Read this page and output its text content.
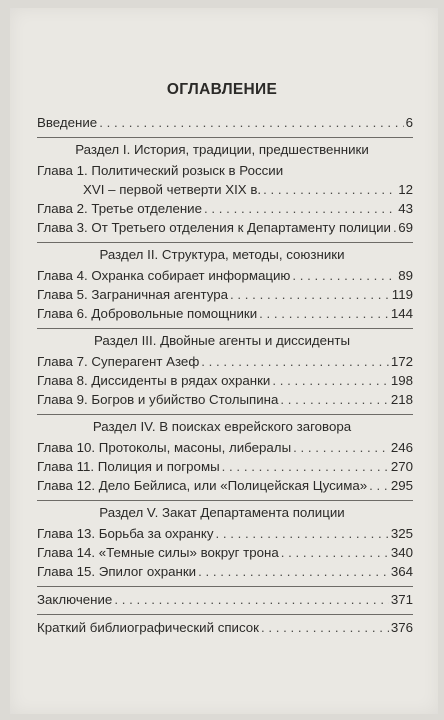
ОГЛАВЛЕНИЕ
Введение . . .	6
Раздел I. История, традиции, предшественники
Глава 1. Политический розыск в России
XVI – первой четверти XIX в. . . .	12
Глава 2. Третье отделение . . .	43
Глава 3. От Третьего отделения к Департаменту полиции . . . 69
Раздел II. Структура, методы, союзники
Глава 4. Охранка собирает информацию . . .	89
Глава 5. Заграничная агентура . . .	119
Глава 6. Добровольные помощники . . .	144
Раздел III. Двойные агенты и диссиденты
Глава 7. Суперагент Азеф . . .	172
Глава 8. Диссиденты в рядах охранки . . .	198
Глава 9. Богров и убийство Столыпина . . .	218
Раздел IV. В поисках еврейского заговора
Глава 10. Протоколы, масоны, либералы . . .	246
Глава 11. Полиция и погромы . . .	270
Глава 12. Дело Бейлиса, или «Полицейская Цусима» . . . 295
Раздел V. Закат Департамента полиции
Глава 13. Борьба за охранку . . .	325
Глава 14. «Темные силы» вокруг трона . . .	340
Глава 15. Эпилог охранки . . .	364
Заключение . . .	371
Краткий библиографический список . . .	376
